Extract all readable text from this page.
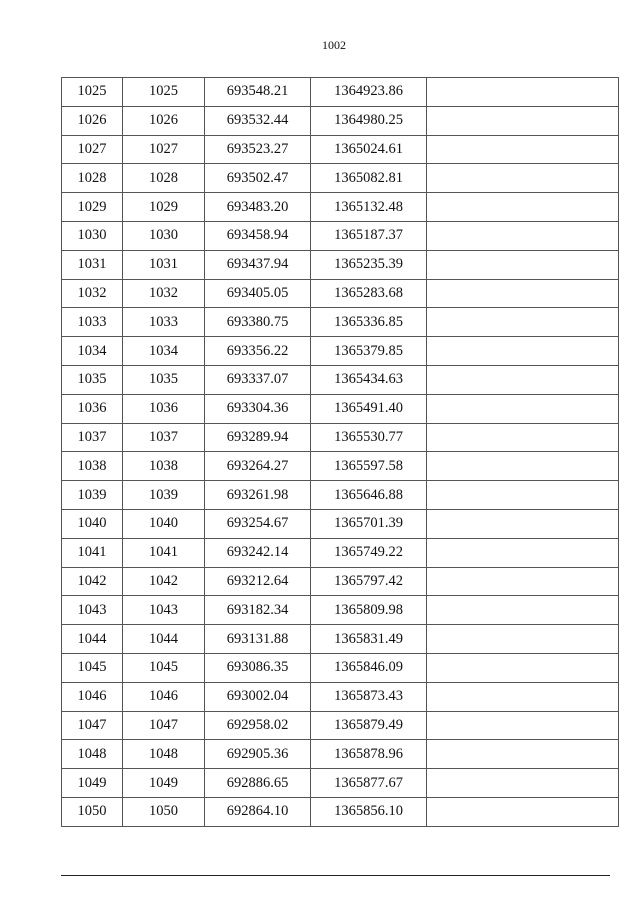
1002
1025	1025	693548.21	1364923.86	
1026	1026	693532.44	1364980.25	
1027	1027	693523.27	1365024.61	
1028	1028	693502.47	1365082.81	
1029	1029	693483.20	1365132.48	
1030	1030	693458.94	1365187.37	
1031	1031	693437.94	1365235.39	
1032	1032	693405.05	1365283.68	
1033	1033	693380.75	1365336.85	
1034	1034	693356.22	1365379.85	
1035	1035	693337.07	1365434.63	
1036	1036	693304.36	1365491.40	
1037	1037	693289.94	1365530.77	
1038	1038	693264.27	1365597.58	
1039	1039	693261.98	1365646.88	
1040	1040	693254.67	1365701.39	
1041	1041	693242.14	1365749.22	
1042	1042	693212.64	1365797.42	
1043	1043	693182.34	1365809.98	
1044	1044	693131.88	1365831.49	
1045	1045	693086.35	1365846.09	
1046	1046	693002.04	1365873.43	
1047	1047	692958.02	1365879.49	
1048	1048	692905.36	1365878.96	
1049	1049	692886.65	1365877.67	
1050	1050	692864.10	1365856.10	
